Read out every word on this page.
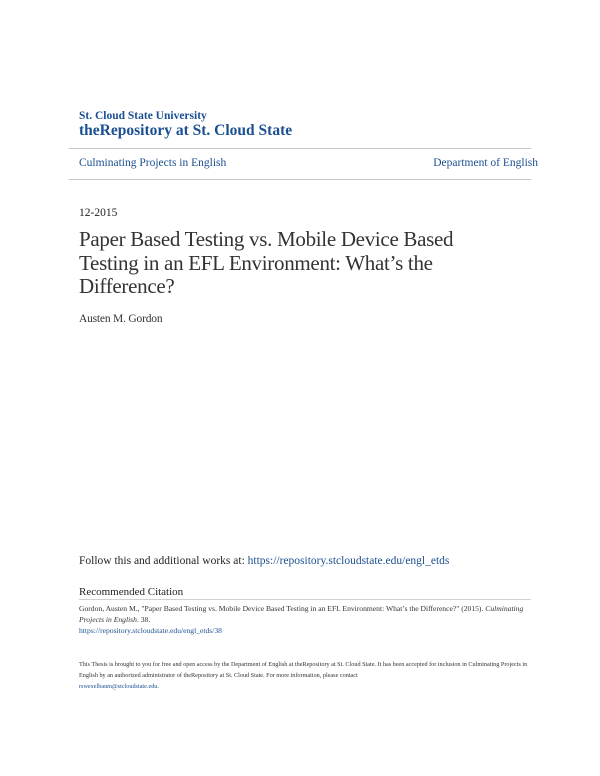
St. Cloud State University
theRepository at St. Cloud State
Culminating Projects in English	Department of English
12-2015
Paper Based Testing vs. Mobile Device Based Testing in an EFL Environment: What’s the Difference?
Austen M. Gordon
Follow this and additional works at: https://repository.stcloudstate.edu/engl_etds
Recommended Citation
Gordon, Austen M., "Paper Based Testing vs. Mobile Device Based Testing in an EFL Environment: What’s the Difference?" (2015). Culminating Projects in English. 38.
https://repository.stcloudstate.edu/engl_etds/38
This Thesis is brought to you for free and open access by the Department of English at theRepository at St. Cloud State. It has been accepted for inclusion in Culminating Projects in English by an authorized administrator of theRepository at St. Cloud State. For more information, please contact
rswexelbaum@stcloudstate.edu.
